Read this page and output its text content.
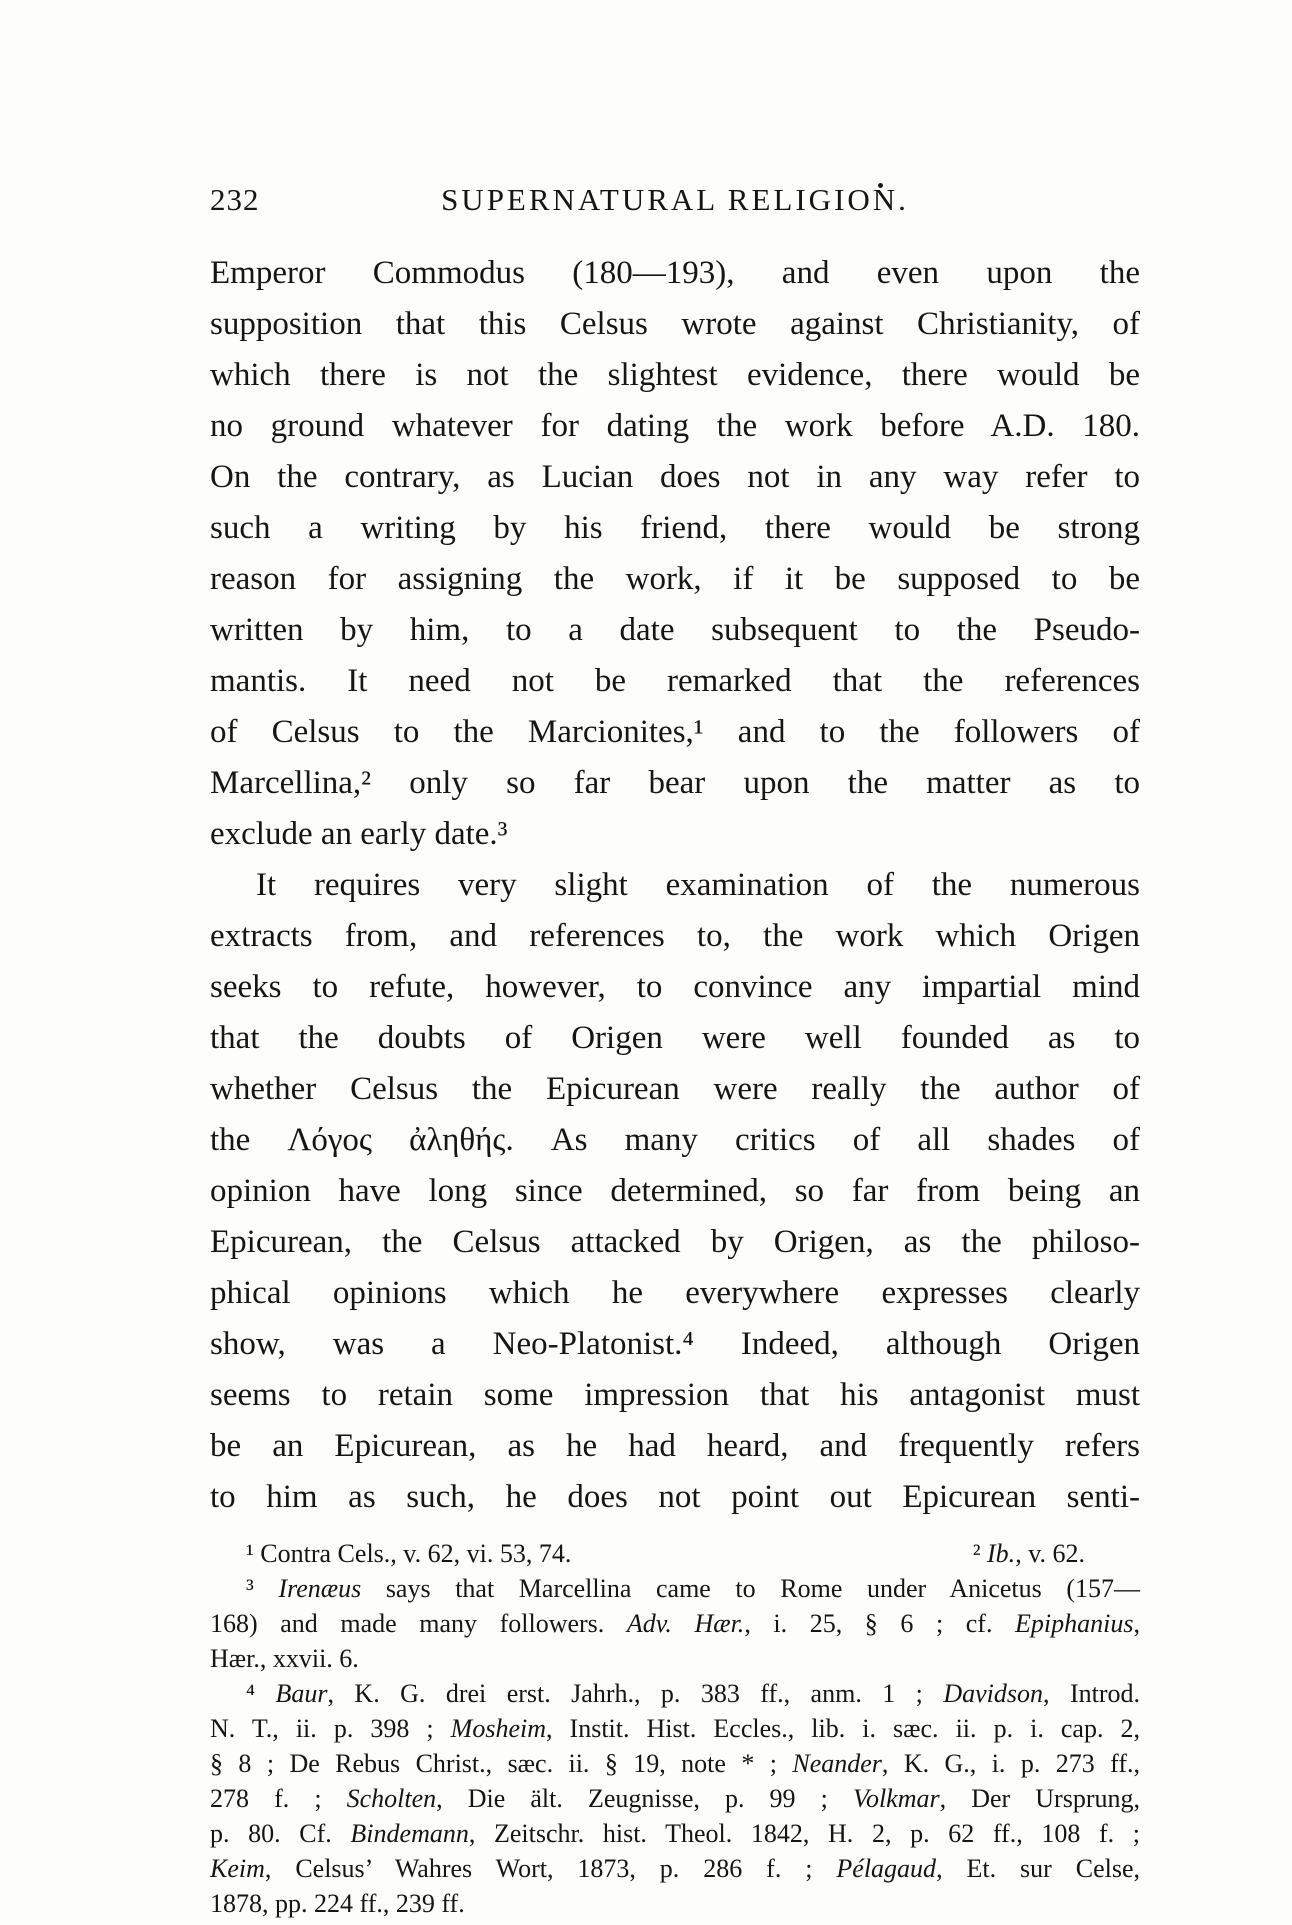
232	SUPERNATURAL RELIGION.
Emperor Commodus (180—193), and even upon the
supposition that this Celsus wrote against Christianity, of
which there is not the slightest evidence, there would be
no ground whatever for dating the work before A.D. 180.
On the contrary, as Lucian does not in any way refer to
such a writing by his friend, there would be strong
reason for assigning the work, if it be supposed to be
written by him, to a date subsequent to the Pseudo-
mantis. It need not be remarked that the references
of Celsus to the Marcionites,¹ and to the followers of
Marcellina,² only so far bear upon the matter as to
exclude an early date.³
It requires very slight examination of the numerous
extracts from, and references to, the work which Origen
seeks to refute, however, to convince any impartial mind
that the doubts of Origen were well founded as to
whether Celsus the Epicurean were really the author of
the Λόγος ἀληθής. As many critics of all shades of
opinion have long since determined, so far from being an
Epicurean, the Celsus attacked by Origen, as the philoso-
phical opinions which he everywhere expresses clearly
show, was a Neo-Platonist.⁴ Indeed, although Origen
seems to retain some impression that his antagonist must
be an Epicurean, as he had heard, and frequently refers
to him as such, he does not point out Epicurean senti-
¹ Contra Cels., v. 62, vi. 53, 74.	² Ib., v. 62.
³ Irenæus says that Marcellina came to Rome under Anicetus (157—
168) and made many followers. Adv. Hær., i. 25, § 6 ; cf. Epiphanius,
Hær., xxvii. 6.
⁴ Baur, K. G. drei erst. Jahrh., p. 383 ff., anm. 1 ; Davidson, Introd.
N. T., ii. p. 398 ; Mosheim, Instit. Hist. Eccles., lib. i. sæc. ii. p. i. cap. 2,
§ 8 ; De Rebus Christ., sæc. ii. § 19, note * ; Neander, K. G., i. p. 273 ff.,
278 f. ; Scholten, Die ält. Zeugnisse, p. 99 ; Volkmar, Der Ursprung,
p. 80. Cf. Bindemann, Zeitschr. hist. Theol. 1842, H. 2, p. 62 ff., 108 f. ;
Keim, Celsus’ Wahres Wort, 1873, p. 286 f. ; Pélagaud, Et. sur Celse,
1878, pp. 224 ff., 239 ff.
